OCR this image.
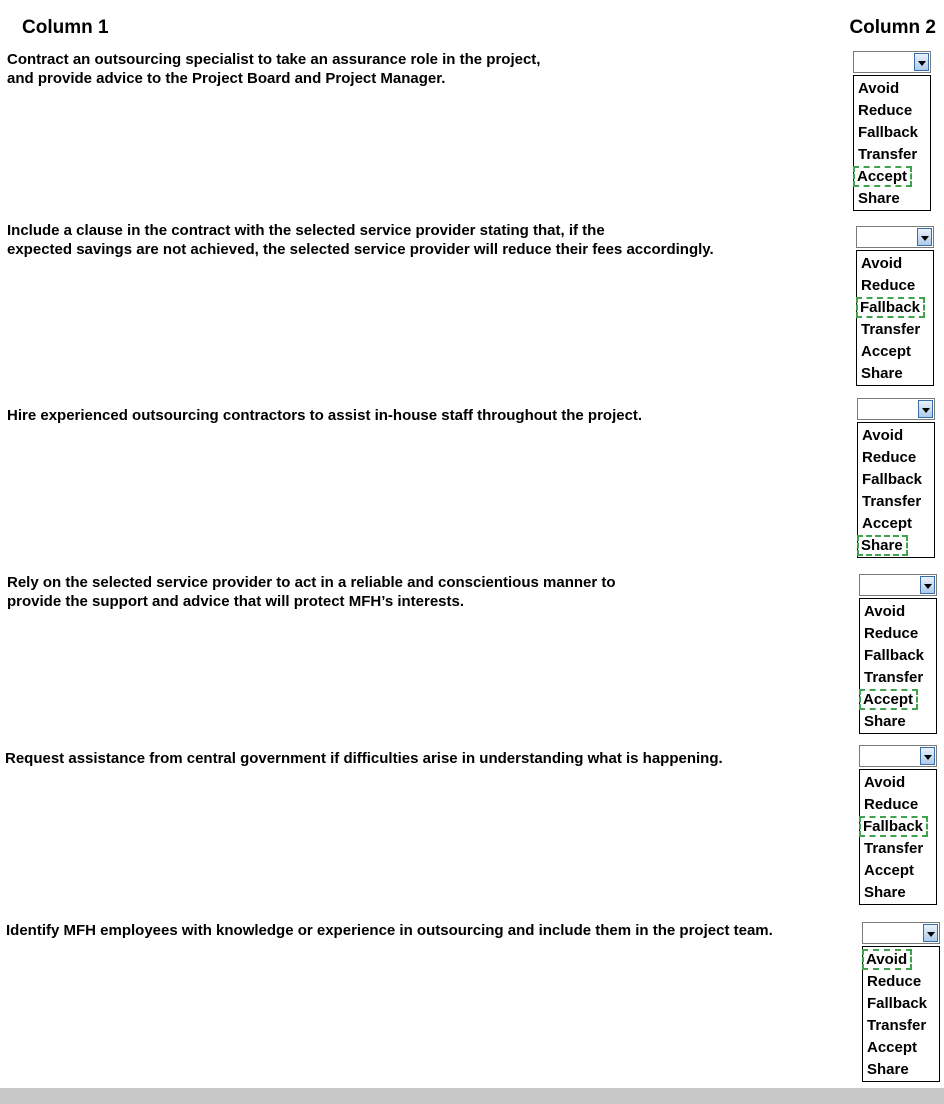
Column 1	Column 2
Contract an outsourcing specialist to take an assurance role in the project,
and provide advice to the Project Board and Project Manager.
Avoid
Reduce
Fallback
Transfer
Accept
Share
Include a clause in the contract with the selected service provider stating that, if the
expected savings are not achieved, the selected service provider will reduce their fees accordingly.
Avoid
Reduce
Fallback
Transfer
Accept
Share
Hire experienced outsourcing contractors to assist in-house staff throughout the project.
Avoid
Reduce
Fallback
Transfer
Accept
Share
Rely on the selected service provider to act in a reliable and conscientious manner to
provide the support and advice that will protect MFH’s interests.
Avoid
Reduce
Fallback
Transfer
Accept
Share
Request assistance from central government if difficulties arise in understanding what is happening.
Avoid
Reduce
Fallback
Transfer
Accept
Share
Identify MFH employees with knowledge or experience in outsourcing and include them in the project team.
Avoid
Reduce
Fallback
Transfer
Accept
Share
